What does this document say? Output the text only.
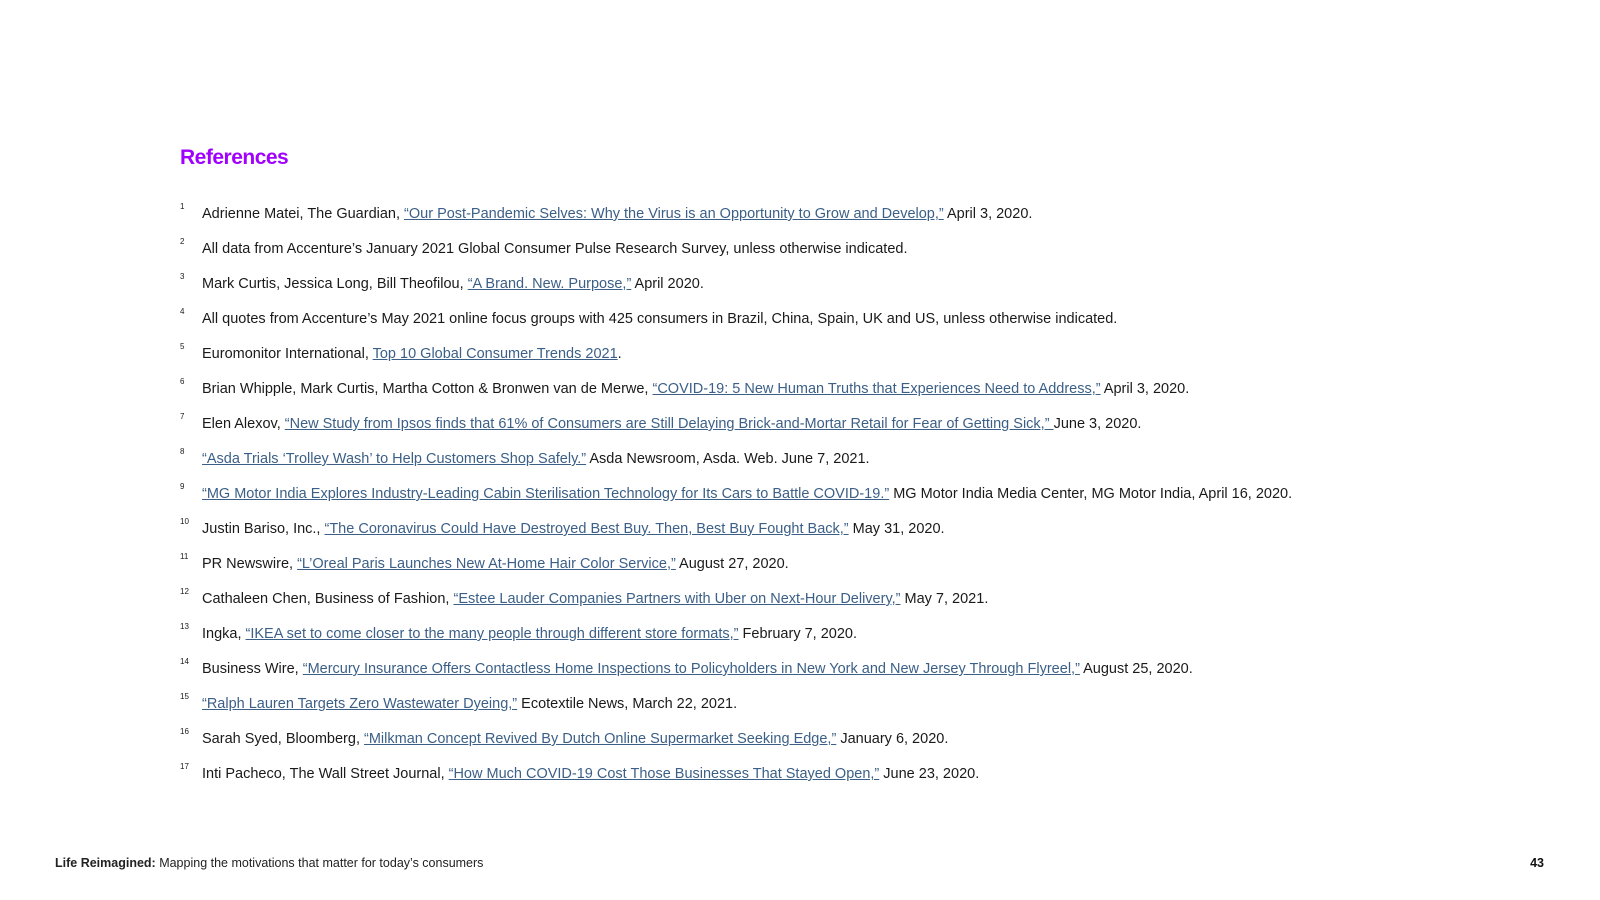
References
1	Adrienne Matei, The Guardian, “Our Post-Pandemic Selves: Why the Virus is an Opportunity to Grow and Develop,” April 3, 2020.
2	All data from Accenture’s January 2021 Global Consumer Pulse Research Survey, unless otherwise indicated.
3	Mark Curtis, Jessica Long, Bill Theofilou, “A Brand. New. Purpose,” April 2020.
4	All quotes from Accenture’s May 2021 online focus groups with 425 consumers in Brazil, China, Spain, UK and US, unless otherwise indicated.
5	Euromonitor International, Top 10 Global Consumer Trends 2021.
6	Brian Whipple, Mark Curtis, Martha Cotton & Bronwen van de Merwe, “COVID-19: 5 New Human Truths that Experiences Need to Address,” April 3, 2020.
7	Elen Alexov, “New Study from Ipsos finds that 61% of Consumers are Still Delaying Brick-and-Mortar Retail for Fear of Getting Sick,” June 3, 2020.
8	“Asda Trials ‘Trolley Wash’ to Help Customers Shop Safely.” Asda Newsroom, Asda. Web. June 7, 2021.
9	“MG Motor India Explores Industry-Leading Cabin Sterilisation Technology for Its Cars to Battle COVID-19.” MG Motor India Media Center, MG Motor India, April 16, 2020.
10 Justin Bariso, Inc., “The Coronavirus Could Have Destroyed Best Buy. Then, Best Buy Fought Back,” May 31, 2020.
11 PR Newswire, “L’Oreal Paris Launches New At-Home Hair Color Service,” August 27, 2020.
12 Cathaleen Chen, Business of Fashion, “Estee Lauder Companies Partners with Uber on Next-Hour Delivery,” May 7, 2021.
13 Ingka, “IKEA set to come closer to the many people through different store formats,” February 7, 2020.
14 Business Wire, “Mercury Insurance Offers Contactless Home Inspections to Policyholders in New York and New Jersey Through Flyreel,” August 25, 2020.
15 “Ralph Lauren Targets Zero Wastewater Dyeing,” Ecotextile News, March 22, 2021.
16 Sarah Syed, Bloomberg, “Milkman Concept Revived By Dutch Online Supermarket Seeking Edge,” January 6, 2020.
17 Inti Pacheco, The Wall Street Journal, “How Much COVID-19 Cost Those Businesses That Stayed Open,” June 23, 2020.
Life Reimagined: Mapping the motivations that matter for today’s consumers	43
